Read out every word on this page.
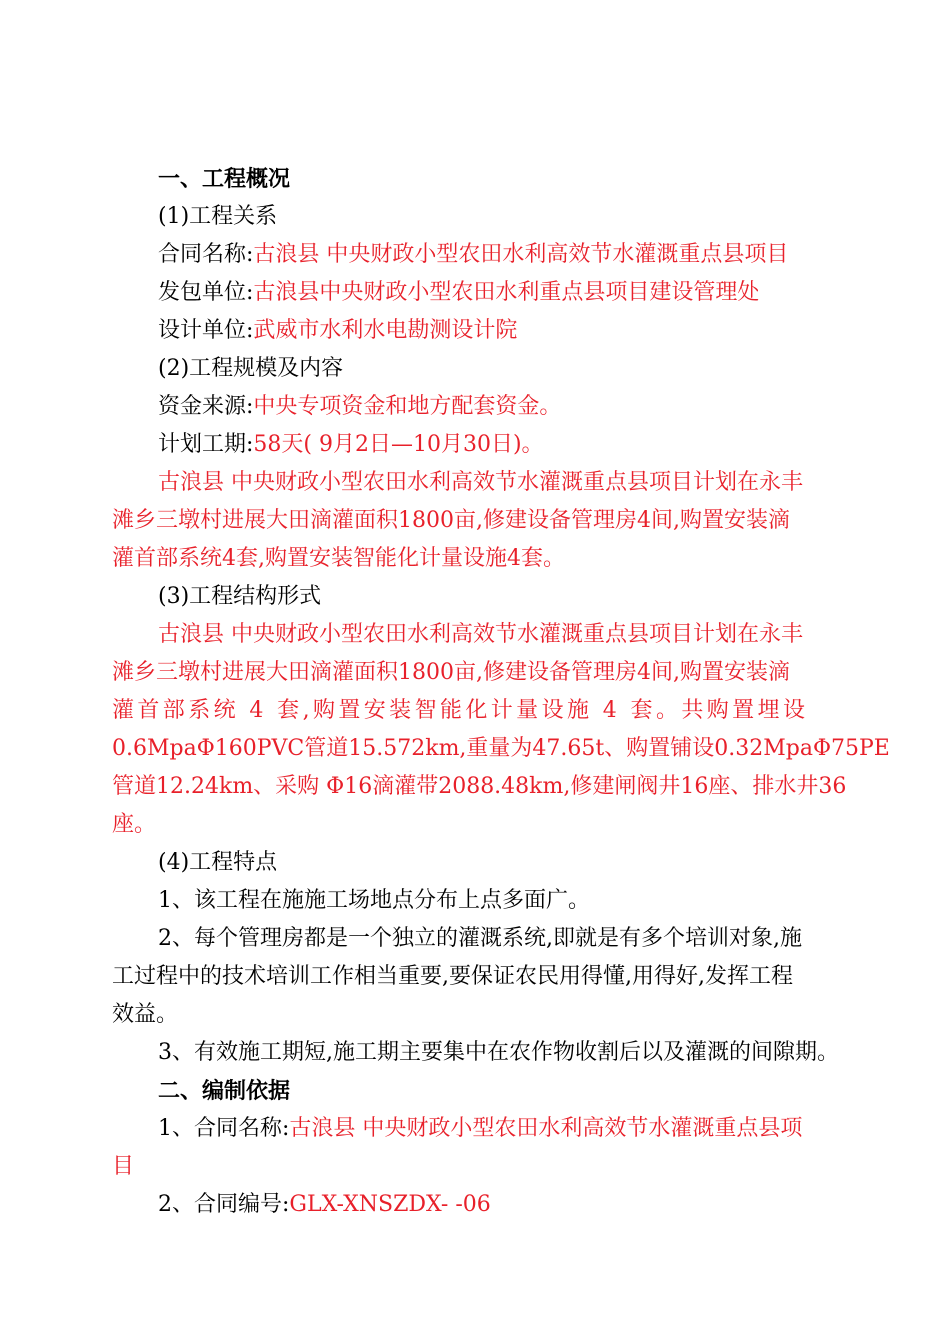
一、工程概况
(1)工程关系
合同名称:古浪县 中央财政小型农田水利高效节水灌溉重点县项目
发包单位:古浪县中央财政小型农田水利重点县项目建设管理处
设计单位:武威市水利水电勘测设计院
(2)工程规模及内容
资金来源:中央专项资金和地方配套资金。
计划工期:58天( 9月2日—10月30日)。
古浪县 中央财政小型农田水利高效节水灌溉重点县项目计划在永丰
滩乡三墩村进展大田滴灌面积1800亩,修建设备管理房4间,购置安装滴
灌首部系统4套,购置安装智能化计量设施4套。
(3)工程结构形式
古浪县 中央财政小型农田水利高效节水灌溉重点县项目计划在永丰
滩乡三墩村进展大田滴灌面积1800亩,修建设备管理房4间,购置安装滴
灌首部系统 4 套,购置安装智能化计量设施 4 套。共购置埋设
0.6MpaΦ160PVC管道15.572km,重量为47.65t、购置铺设0.32MpaΦ75PE
管道12.24km、采购 Φ16滴灌带2088.48km,修建闸阀井16座、排水井36
座。
(4)工程特点
1、该工程在施施工场地点分布上点多面广。
2、每个管理房都是一个独立的灌溉系统,即就是有多个培训对象,施
工过程中的技术培训工作相当重要,要保证农民用得懂,用得好,发挥工程
效益。
3、有效施工期短,施工期主要集中在农作物收割后以及灌溉的间隙期。
二、编制依据
1、合同名称:古浪县 中央财政小型农田水利高效节水灌溉重点县项
目
2、合同编号:GLX-XNSZDX- -06
